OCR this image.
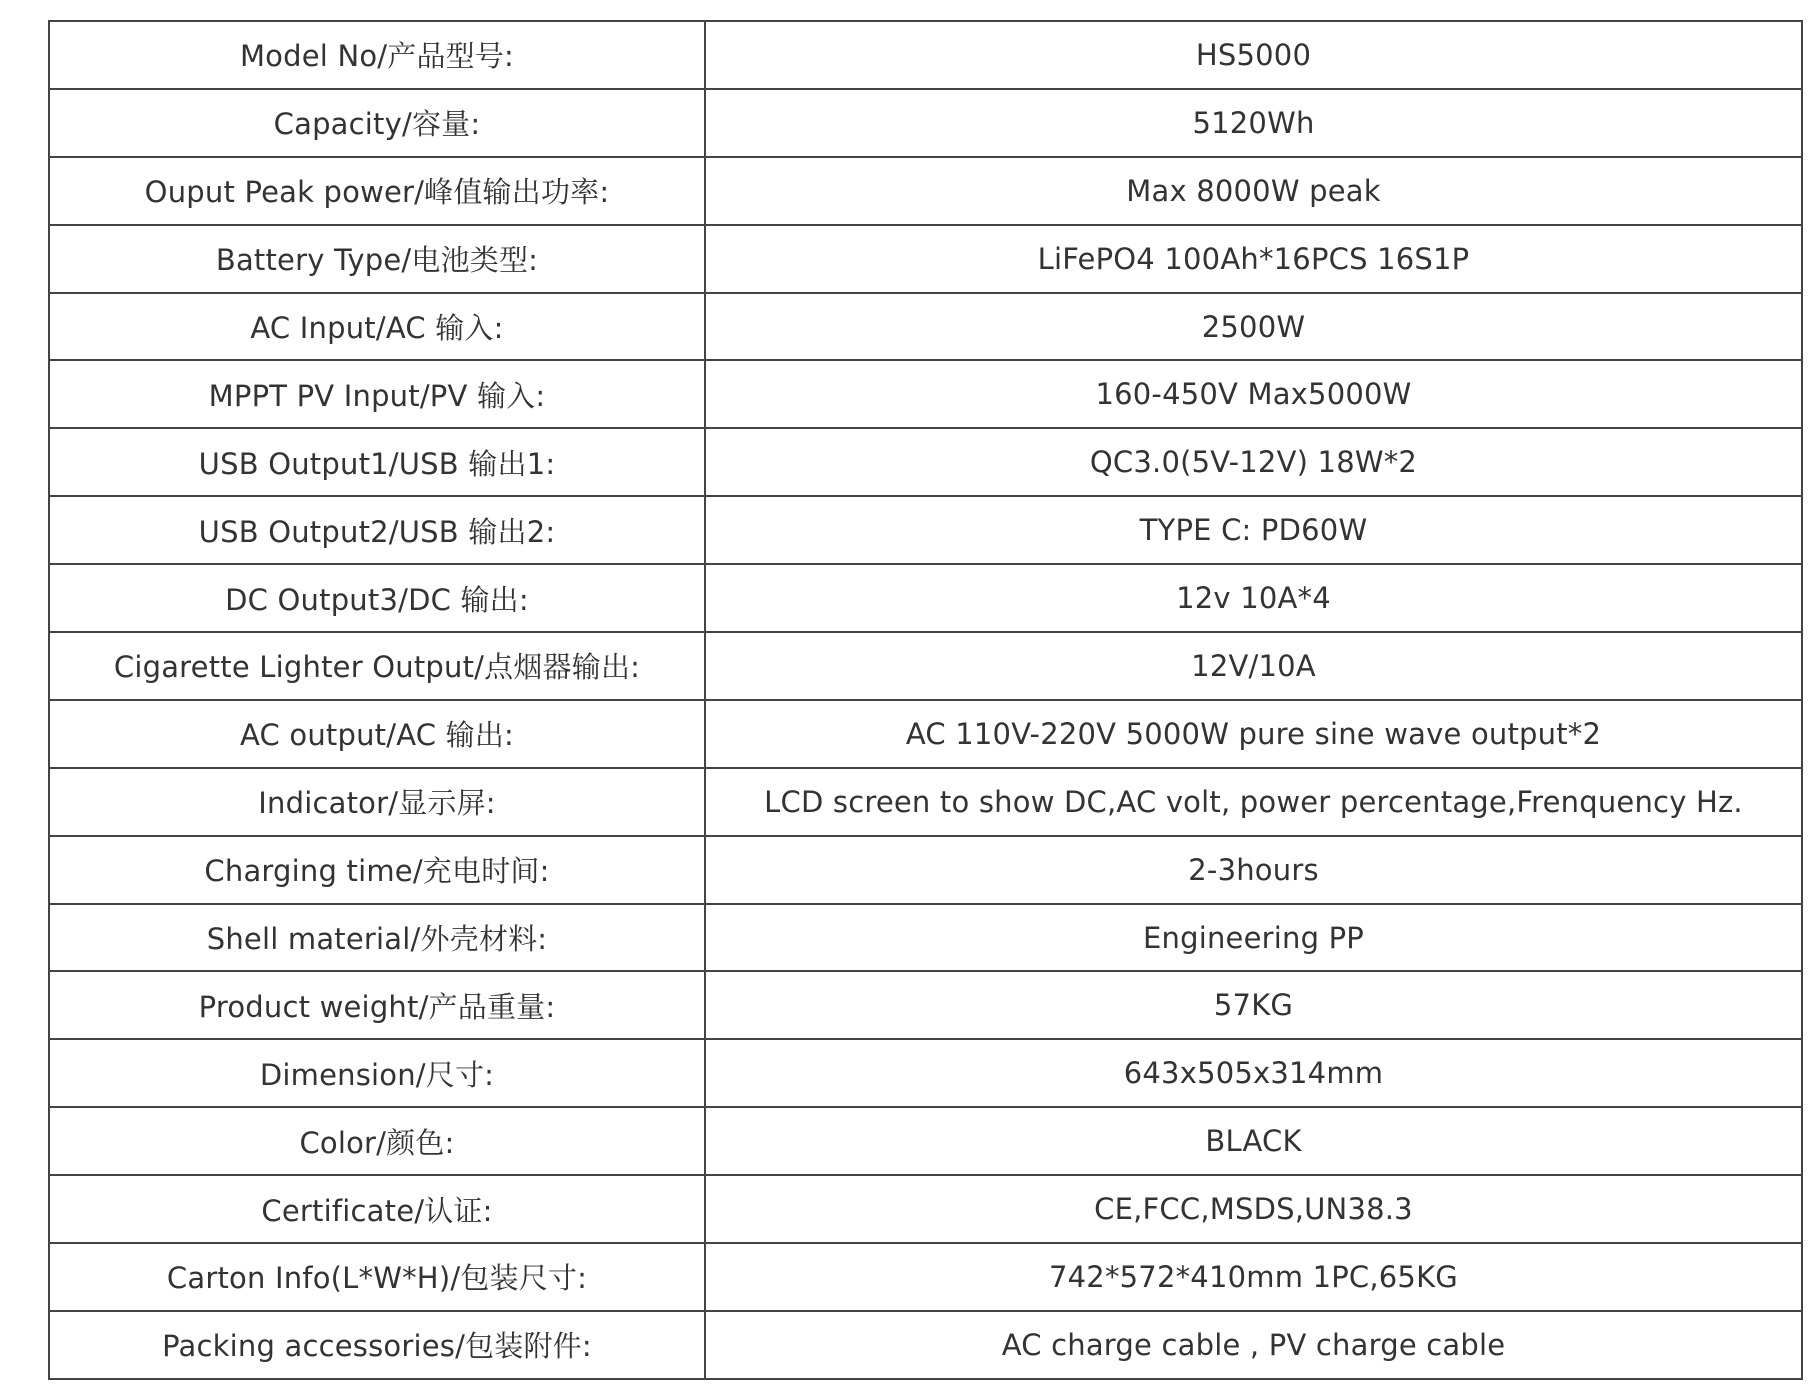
Model No/产品型号:	HS5000
Capacity/容量:	5120Wh
Ouput Peak power/峰值输出功率:	Max 8000W peak
Battery Type/电池类型:	LiFePO4 100Ah*16PCS 16S1P
AC Input/AC 输入:	2500W
MPPT PV Input/PV 输入:	160-450V Max5000W
USB Output1/USB 输出1:	QC3.0(5V-12V) 18W*2
USB Output2/USB 输出2:	TYPE C: PD60W
DC Output3/DC 输出:	12v 10A*4
Cigarette Lighter Output/点烟器输出:	12V/10A
AC output/AC 输出:	AC 110V-220V 5000W pure sine wave output*2
Indicator/显示屏:	LCD screen to show DC,AC volt, power percentage,Frenquency Hz.
Charging time/充电时间:	2-3hours
Shell material/外壳材料:	Engineering PP
Product weight/产品重量:	57KG
Dimension/尺寸:	643x505x314mm
Color/颜色:	BLACK
Certificate/认证:	CE,FCC,MSDS,UN38.3
Carton Info(L*W*H)/包装尺寸:	742*572*410mm 1PC,65KG
Packing accessories/包装附件:	AC charge cable , PV charge cable
